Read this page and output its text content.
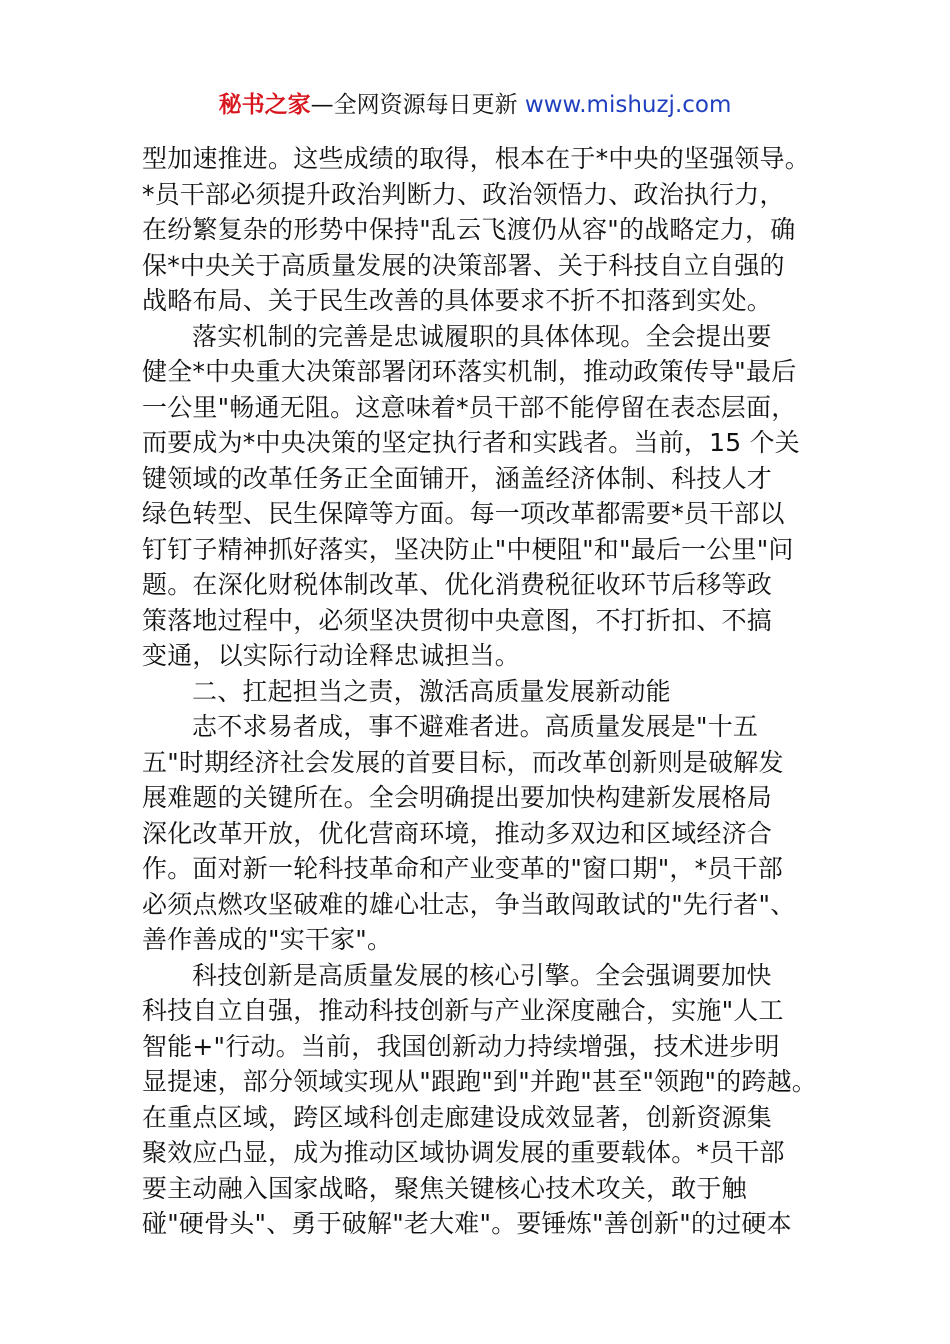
秘书之家—全网资源每日更新 www.mishuzj.com
型加速推进。这些成绩的取得，根本在于*中央的坚强领导。
*员干部必须提升政治判断力、政治领悟力、政治执行力，
在纷繁复杂的形势中保持"乱云飞渡仍从容"的战略定力，确
保*中央关于高质量发展的决策部署、关于科技自立自强的
战略布局、关于民生改善的具体要求不折不扣落到实处。
落实机制的完善是忠诚履职的具体体现。全会提出要
健全*中央重大决策部署闭环落实机制，推动政策传导"最后
一公里"畅通无阻。这意味着*员干部不能停留在表态层面，
而要成为*中央决策的坚定执行者和实践者。当前，15 个关
键领域的改革任务正全面铺开，涵盖经济体制、科技人才
绿色转型、民生保障等方面。每一项改革都需要*员干部以
钉钉子精神抓好落实，坚决防止"中梗阻"和"最后一公里"问
题。在深化财税体制改革、优化消费税征收环节后移等政
策落地过程中，必须坚决贯彻中央意图，不打折扣、不搞
变通，以实际行动诠释忠诚担当。
二、扛起担当之责，激活高质量发展新动能
志不求易者成，事不避难者进。高质量发展是"十五
五"时期经济社会发展的首要目标，而改革创新则是破解发
展难题的关键所在。全会明确提出要加快构建新发展格局
深化改革开放，优化营商环境，推动多双边和区域经济合
作。面对新一轮科技革命和产业变革的"窗口期"，*员干部
必须点燃攻坚破难的雄心壮志，争当敢闯敢试的"先行者"、
善作善成的"实干家"。
科技创新是高质量发展的核心引擎。全会强调要加快
科技自立自强，推动科技创新与产业深度融合，实施"人工
智能+"行动。当前，我国创新动力持续增强，技术进步明
显提速，部分领域实现从"跟跑"到"并跑"甚至"领跑"的跨越。
在重点区域，跨区域科创走廊建设成效显著，创新资源集
聚效应凸显，成为推动区域协调发展的重要载体。*员干部
要主动融入国家战略，聚焦关键核心技术攻关，敢于触
碰"硬骨头"、勇于破解"老大难"。要锤炼"善创新"的过硬本
